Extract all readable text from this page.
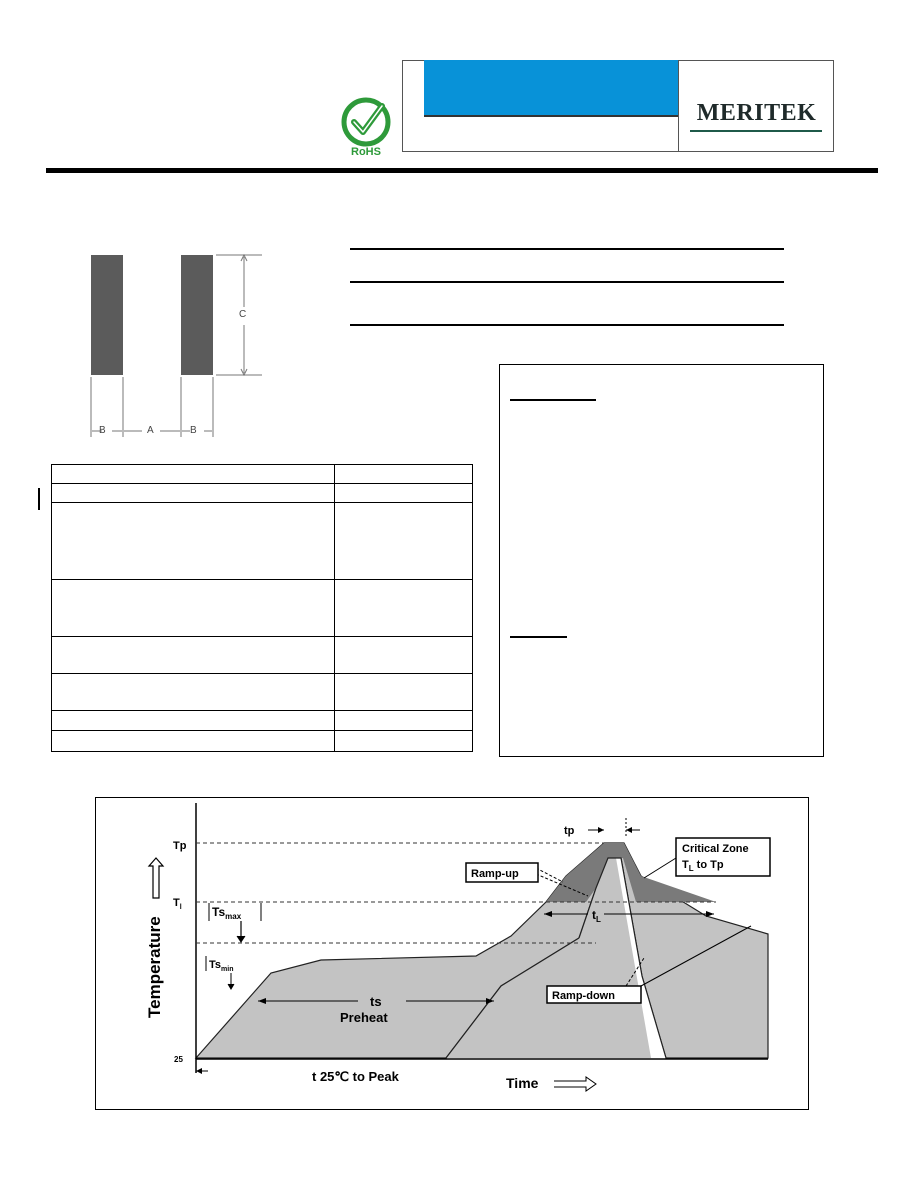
RoHS
MERITEK
B	A	B
C
Tp
$T_l$
25
$Ts_{max}$
$Ts_{min}$
Temperature
t 25℃ to Peak	Time
tp
Critical Zone
$T_L$ to Tp
Ramp-up
Ramp-down
$t_L$
ts
Preheat
